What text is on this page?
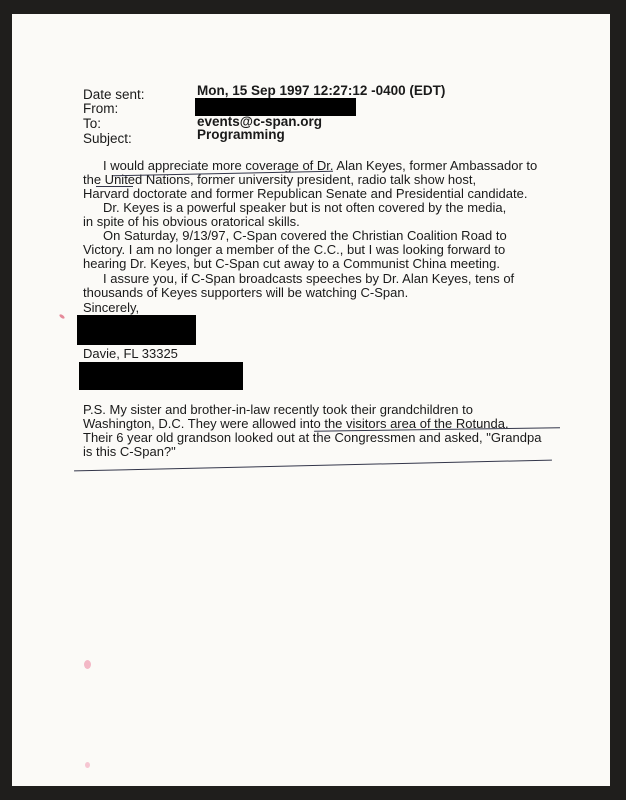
Date sent:	Mon, 15 Sep 1997 12:27:12 -0400 (EDT)
From:
To:	events@c-span.org
Subject:	Programming
I would appreciate more coverage of Dr. Alan Keyes, former Ambassador to
the United Nations, former university president, radio talk show host,
Harvard doctorate and former Republican Senate and Presidential candidate.
Dr. Keyes is a powerful speaker but is not often covered by the media,
in spite of his obvious oratorical skills.
On Saturday, 9/13/97, C-Span covered the Christian Coalition Road to
Victory. I am no longer a member of the C.C., but I was looking forward to
hearing Dr. Keyes, but C-Span cut away to a Communist China meeting.
I assure you, if C-Span broadcasts speeches by Dr. Alan Keyes, tens of
thousands of Keyes supporters will be watching C-Span.
Sincerely,
Davie, FL 33325
P.S. My sister and brother-in-law recently took their grandchildren to
Washington, D.C. They were allowed into the visitors area of the Rotunda.
Their 6 year old grandson looked out at the Congressmen and asked, "Grandpa
is this C-Span?"
